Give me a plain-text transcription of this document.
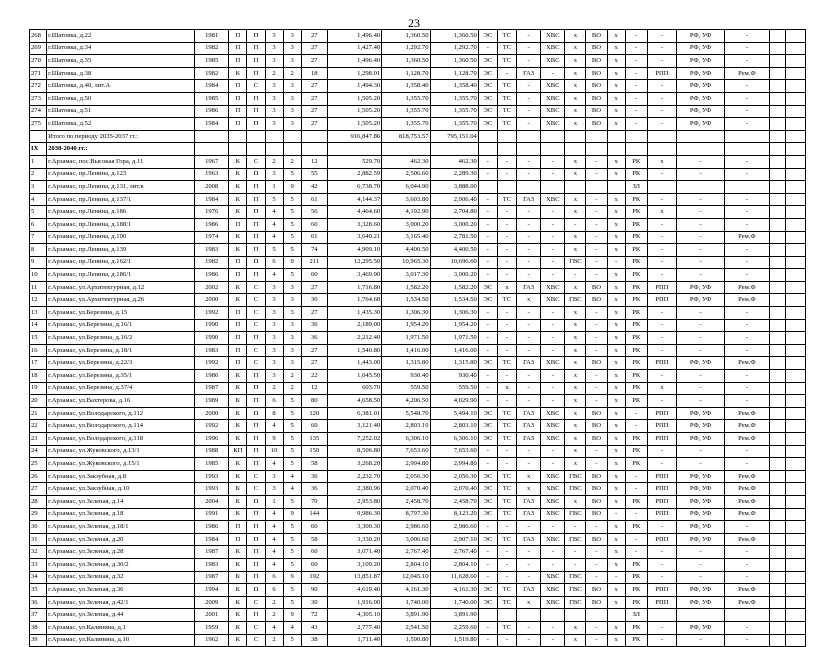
23
268	г.Шатовка, д.22	1981	П	П	3	3	27	1,496.40	1,360.50	1,360.50	ЭС	ТС	-	ХВС	х	ВО	х	-	-	РФ, УФ	-		
269	г.Шатовка, д.34	1982	П	П	3	3	27	1,427.40	1,292.70	1,292.70	-	ТС	-	ХВС	х	ВО	х	-	-	РФ, УФ	-		
270	г.Шатовка, д.35	1985	П	П	3	3	27	1,496.40	1,360.50	1,360.50	ЭС	ТС	-	ХВС	х	ВО	х	-	-	РФ, УФ	-		
271	г.Шатовка, д.38	1982	К	П	2	2	18	1,298.01	1,128.70	1,128.70	ЭС	-	ГАЗ	-	х	ВО	х	-	РПП	РФ, УФ	Рем.Ф		
272	г.Шатовка, д.40, лит.А	1984	П	С	3	3	27	1,494.30	1,358.40	1,358.40	ЭС	ТС	-	ХВС	х	ВО	х	-	-	РФ, УФ	-		
273	г.Шатовка, д.50	1985	П	П	3	3	27	1,505.20	1,355.70	1,355.70	ЭС	ТС	-	ХВС	х	ВО	х	-	-	РФ, УФ	-		
274	г.Шатовка, д.51	1986	П	П	3	3	27	1,505.20	1,355.70	1,355.70	ЭС	ТС	-	ХВС	х	ВО	х	-	-	РФ, УФ	-		
275	г.Шатовка, д.52	1984	П	П	3	3	27	1,505.20	1,355.70	1,355.70	ЭС	ТС	-	ХВС	х	ВО	х	-	-	РФ, УФ	-		
	Итого по периоду 2035-2037 гг.:							916,847.86	818,753.57	795,151.04													
IX	2038-2040 гг.:																						
1	г.Арзамас, пос.Высокая Гора, д.11	1967	К	С	2	2	12	529.70	462.30	462.30	-	-	-	-	х	-	х	РК	х	-	-		
2	г.Арзамас, пр.Ленина, д.123	1963	К	П	3	5	55	2,882.59	2,506.60	2,289.30	-	-	-	-	х	-	х	РК	-	-	-		
3	г.Арзамас, пр.Ленина, д.131, лит.в	2008	К	П	1	9	42	6,738.70	6,044.90	3,888.00								ЗЛ					
4	г.Арзамас, пр.Ленина, д.137/1	1984	К	П	5	5	61	4,144.37	3,603.80	2,906.40	-	ТС	ГАЗ	ХВС	х	-	х	РК	-	-	-		
5	г.Арзамас, пр.Ленина, д.186	1976	К	П	4	5	56	4,464.60	4,192.90	2,704.80	-	-	-	-	х	-	х	РК	х	-	-		
6	г.Арзамас, пр.Ленина, д.188/1	1986	П	П	4	5	60	3,328.60	3,000.20	3,000.20	-	-	-	-	-	-	х	РК	-	-	-		
7	г.Арзамас, пр.Ленина, д.190	1974	К	П	4	5	61	3,640.21	3,165.40	2,781.50	-	-	-	-	х	-	х	РК	-	-	Рем.Ф		
8	г.Арзамас, пр.Ленина, д.139	1983	К	П	5	5	74	4,909.10	4,400.50	4,400.50	-	-	-	-	х	-	х	РК	-	-	-		
9	г.Арзамас, пр.Ленина, д.162/1	1982	П	П	6	9	211	12,295.50	10,965.30	10,696.60	-	-	-	-	ГВС	-	-	РК	-	-	-		
10	г.Арзамас, пр.Ленина, д.186/1	1986	П	П	4	5	60	3,469.90	3,017.30	3,000.20	-	-	-	-	-	-	х	РК	-	-	-		
11	г.Арзамас, ул.Архитектурная, д.12	2002	К	С	3	3	27	1,716.80	1,582.20	1,582.20	ЭС	х	ГАЗ	ХВС	х	ВО	х	РК	РПП	РФ, УФ	Рем.Ф		
12	г.Арзамас, ул.Архитектурная, д.26	2000	К	С	3	3	30	1,764.68	1,534.50	1,534.50	ЭС	ТС	х	ХВС	ГВС	ВО	х	РК	РПП	РФ, УФ	Рем.Ф		
13	г.Арзамас, ул.Березина, д.15	1992	П	С	3	3	27	1,435.30	1,306.30	1,306.30	-	-	-	-	х	-	х	РК	-	-	-		
14	г.Арзамас, ул.Березина, д.16/1	1990	П	С	3	3	36	2,189.00	1,954.20	1,954.20	-	-	-	-	х	-	х	РК	-	-	-		
15	г.Арзамас, ул.Березина, д.16/2	1990	П	П	3	3	36	2,212.40	1,971.50	1,971.50	-	-	-	-	х	-	х	РК	-	-	-		
16	г.Арзамас, ул.Березина, д.18/1	1983	П	С	3	3	27	1,540.80	1,416.00	1,416.00	-	-	-	-	х	-	х	РК	-	-	-		
17	г.Арзамас, ул.Березина, д.22/3	1992	П	С	3	3	27	1,443.00	1,315.80	1,315.80	ЭС	ТС	ГАЗ	ХВС	х	ВО	х	РК	РПП	РФ, УФ	Рем.Ф		
18	г.Арзамас, ул.Березина, д.35/1	1986	К	П	3	2	22	1,045.50	930.40	930.40	-	-	-	-	х	-	х	РК	-	-	-		
19	г.Арзамас, ул.Березина, д.37/4	1987	К	П	2	2	12	603.70	559.50	559.50	-	х	-	-	х	-	х	РК	х	-	-		
20	г.Арзамас, ул.Вахтерова, д.16	1989	К	П	6	5	80	4,658.50	4,206.50	4,029.90	-	-	-	-	х	-	х	РК	-	-	-		
21	г.Арзамас, ул.Володарского, д.112	2000	К	П	8	5	120	6,381.01	5,548.70	5,494.10	ЭС	ТС	ГАЗ	ХВС	х	ВО	х	-	РПП	РФ, УФ	Рем.Ф		
22	г.Арзамас, ул.Володарского, д.114	1992	К	П	4	5	60	3,121.40	2,803.10	2,803.10	ЭС	ТС	ГАЗ	ХВС	х	ВО	х	-	РПП	РФ, УФ	Рем.Ф		
23	г.Арзамас, ул.Володарского, д.118	1996	К	П	9	5	135	7,252.02	6,306.10	6,306.10	ЭС	ТС	ГАЗ	ХВС	х	ВО	х	РК	РПП	РФ, УФ	Рем.Ф		
24	г.Арзамас, ул.Жуковского, д.13/1	1988	КП	П	10	5	150	8,506.80	7,653.60	7,653.60	-	-	-	-	х	-	х	РК	-	-	-		
25	г.Арзамас, ул.Жуковского, д.15/1	1985	К	П	4	5	58	3,268.20	2,994.80	2,994.80	-	-	-	-	х	-	х	РК	-	-	-		
26	г.Арзамас, ул.Закзубная, д.8	1993	К	С	3	4	36	2,232.70	2,056.30	2,056.30	ЭС	ТС	х	ХВС	ГВС	ВО	х	-	РПП	РФ, УФ	Рем.Ф		
27	г.Арзамас, ул.Закзубная, д.10	1993	К	С	3	4	36	2,380.96	2,070.40	2,070.40	ЭС	ТС	х	ХВС	ГВС	ВО	х	-	РПП	РФ, УФ	Рем.Ф		
28	г.Арзамас, ул.Зеленая, д.14	2004	К	П	1	5	70	2,953.80	2,458.70	2,458.70	ЭС	ТС	ГАЗ	ХВС	х	ВО	х	РК	РПП	РФ, УФ	Рем.Ф		
29	г.Арзамас, ул.Зеленая, д.18	1991	К	П	4	9	144	9,986.30	8,797.30	8,123.20	ЭС	ТС	ГАЗ	ХВС	ГВС	ВО	-	-	РПП	РФ, УФ	Рем.Ф		
30	г.Арзамас, ул.Зеленая, д.18/1	1986	П	П	4	5	60	3,300.30	2,986.60	2,986.60	-	-	-	-	-	-	х	РК	-	РФ, УФ	-		
31	г.Арзамас, ул.Зеленая, д.20	1984	П	П	4	5	58	3,330.20	3,006.60	2,907.10	ЭС	ТС	ГАЗ	ХВС	ГВС	ВО	х	-	РПП	РФ, УФ	Рем.Ф		
32	г.Арзамас, ул.Зеленая, д.28	1987	К	П	4	5	60	3,071.40	2,767.40	2,767.40	-	-	-	-	-	-	х	-	-	-	-		
33	г.Арзамас, ул.Зеленая, д.30/2	1983	К	П	4	5	60	3,109.20	2,804.10	2,804.10	-	-	-	-	-	-	х	РК	-	-	-		
34	г.Арзамас, ул.Зеленая, д.32	1987	К	П	6	9	192	13,851.87	12,045.10	11,628.60	-	-	-	ХВС	ГВС	-	-	РК	-	-	-		
35	г.Арзамас, ул.Зеленая, д.36	1994	К	П	6	5	90	4,619.40	4,161.30	4,161.30	ЭС	ТС	ГАЗ	ХВС	ГВС	ВО	х	РК	РПП	РФ, УФ	Рем.Ф		
36	г.Арзамас, ул.Зеленая, д.42/1	2009	К	С	2	5	30	1,916.00	1,740.00	1,740.00	ЭС	ТС	х	ХВС	ГВС	ВО	х	РК	РПП	РФ, УФ	Рем.Ф		
37	г.Арзамас, ул.Зеленая, д.44	2001	К	П	2	9	72	4,305.10	3,891.90	3,891.90								ЗЛ					
38	г.Арзамас, ул.Калинина, д.1	1959	К	С	4	4	43	2,777.40	2,541.50	2,259.60	-	ТС	-	-	х	-	х	РК	-	РФ, УФ	-		
39	г.Арзамас, ул.Калинина, д.10	1962	К	С	2	5	38	1,711.40	1,590.80	1,519.80	-	-	-	-	х	-	х	РК	-	-	-		
